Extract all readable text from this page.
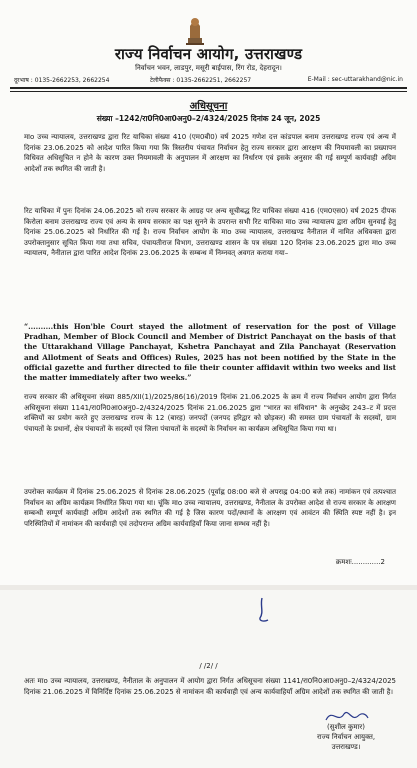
राज्य निर्वाचन आयोग, उत्तराखण्ड
निर्वाचन भवन, लाडपुर, मसूरी बाईपास, रिंग रोड, देहरादून।
दूरभाष : 0135-2662253, 2662254	टेलीफैक्स : 0135-2662251, 2662257	E-Mail : sec-uttarakhand@nic.in
अधिसूचना
संख्या –1242/रा0नि0आ0अनु0–2/4324/2025 दिनांक 24 जून, 2025
माo उच्च न्यायालय, उत्तराखण्ड द्वारा रिट याचिका संख्या 410 (एम0बी0) वर्ष 2025 गणेश दत्त कांडपाल बनाम उत्तराखण्ड राज्य एवं अन्य में दिनांक 23.06.2025 को आदेश पारित किया गया कि त्रिस्तरीय पंचायत निर्वाचन हेतु राज्य सरकार द्वारा आरक्षण की नियमावली का प्रख्यापन विधिवत अधिसूचित न होने के कारण उक्त नियमावली के अनुपालन में आरक्षण का निर्धारण एवं इसके अनुसार की गई सम्पूर्ण कार्यवाही अग्रिम आदेशों तक स्थगित की जाती है।
रिट याचिका में पुनः दिनांक 24.06.2025 को राज्य सरकार के आग्रह पर अन्य सूचीबद्ध रिट याचिका संख्या 416 (एम0एस0) वर्ष 2025 दीपक किरोला बनाम उत्तराखण्ड राज्य एवं अन्य के समय सरकार का पक्ष सुनने के उपरान्त सभी रिट याचिका माo उच्च न्यायालय द्वारा अग्रिम सुनवाई हेतु दिनांक 25.06.2025 को निर्धारित की गई है। राज्य निर्वाचन आयोग के माo उच्च न्यायालय, उत्तराखण्ड नैनीताल में नामित अधिवक्ता द्वारा उपरोक्तानुसार सूचित किया गया तथा सचिव, पंचायतीराज विभाग, उत्तराखण्ड शासन के पत्र संख्या 120 दिनांक 23.06.2025 द्वारा माo उच्च न्यायालय, नैनीताल द्वारा पारित आदेश दिनांक 23.06.2025 के सम्बन्ध में निम्नवत् अवगत कराया गया–
“..........this Hon'ble Court stayed the allotment of reservation for the post of Village Pradhan, Member of Block Council and Member of District Panchayat on the basis of that the Uttarakhand Village Panchayat, Kshetra Panchayat and Zila Panchayat (Reservation and Allotment of Seats and Offices) Rules, 2025 has not been notified by the State in the official gazette and further directed to file their counter affidavit within two weeks and list the matter immediately after two weeks.”
राज्य सरकार की अधिसूचना संख्या 885/XII(1)/2025/86(16)/2019 दिनांक 21.06.2025 के क्रम में राज्य निर्वाचन आयोग द्वारा निर्गत अधिसूचना संख्या 1141/रा0नि0आ0अनु0–2/4324/2025 दिनांक 21.06.2025 द्वारा "भारत का संविधान" के अनुच्छेद 243–ट में प्रदत्त शक्तियों का प्रयोग करते हुए उत्तराखण्ड राज्य के 12 (बारह) जनपदों (जनपद हरिद्वार को छोड़कर) की समस्त ग्राम पंचायतों के सदस्यों, ग्राम पंचायतों के प्रधानों, क्षेत्र पंचायतों के सदस्यों एवं जिला पंचायतों के सदस्यों के निर्वाचन का कार्यक्रम अधिसूचित किया गया था।
उपरोक्त कार्यक्रम में दिनांक 25.06.2025 से दिनांक 28.06.2025 (पूर्वाह्न 08:00 बजे से अपराह्न 04:00 बजे तक) नामांकन एवं तत्पश्चात निर्वाचन का अग्रिम कार्यक्रम निर्धारित किया गया था। चूंकि माo उच्च न्यायालय, उत्तराखण्ड, नैनीताल के उपरोक्त आदेश से राज्य सरकार के आरक्षण सम्बन्धी सम्पूर्ण कार्यवाही अग्रिम आदेशों तक स्थगित की गई है जिस कारण पदों/स्थानों के आरक्षण एवं आवंटन की स्थिति स्पष्ट नहीं है। इन परिस्थितियों में नामांकन की कार्यवाही एवं तदोपरान्त अग्रिम कार्यवाहियाँ किया जाना सम्भव नहीं है।
क्रमशः.............2
/ /2/ /
अतः माo उच्च न्यायालय, उत्तराखण्ड, नैनीताल के अनुपालन में आयोग द्वारा निर्गत अधिसूचना संख्या 1141/रा0नि0आ0अनु0–2/4324/2025 दिनांक 21.06.2025 में विनिर्दिष्ट दिनांक 25.06.2025 से नामांकन की कार्यवाही एवं अन्य कार्यवाहियाँ अग्रिम आदेशों तक स्थगित की जाती है।
(सुशील कुमार)
राज्य निर्वाचन आयुक्त,
उत्तराखण्ड।
